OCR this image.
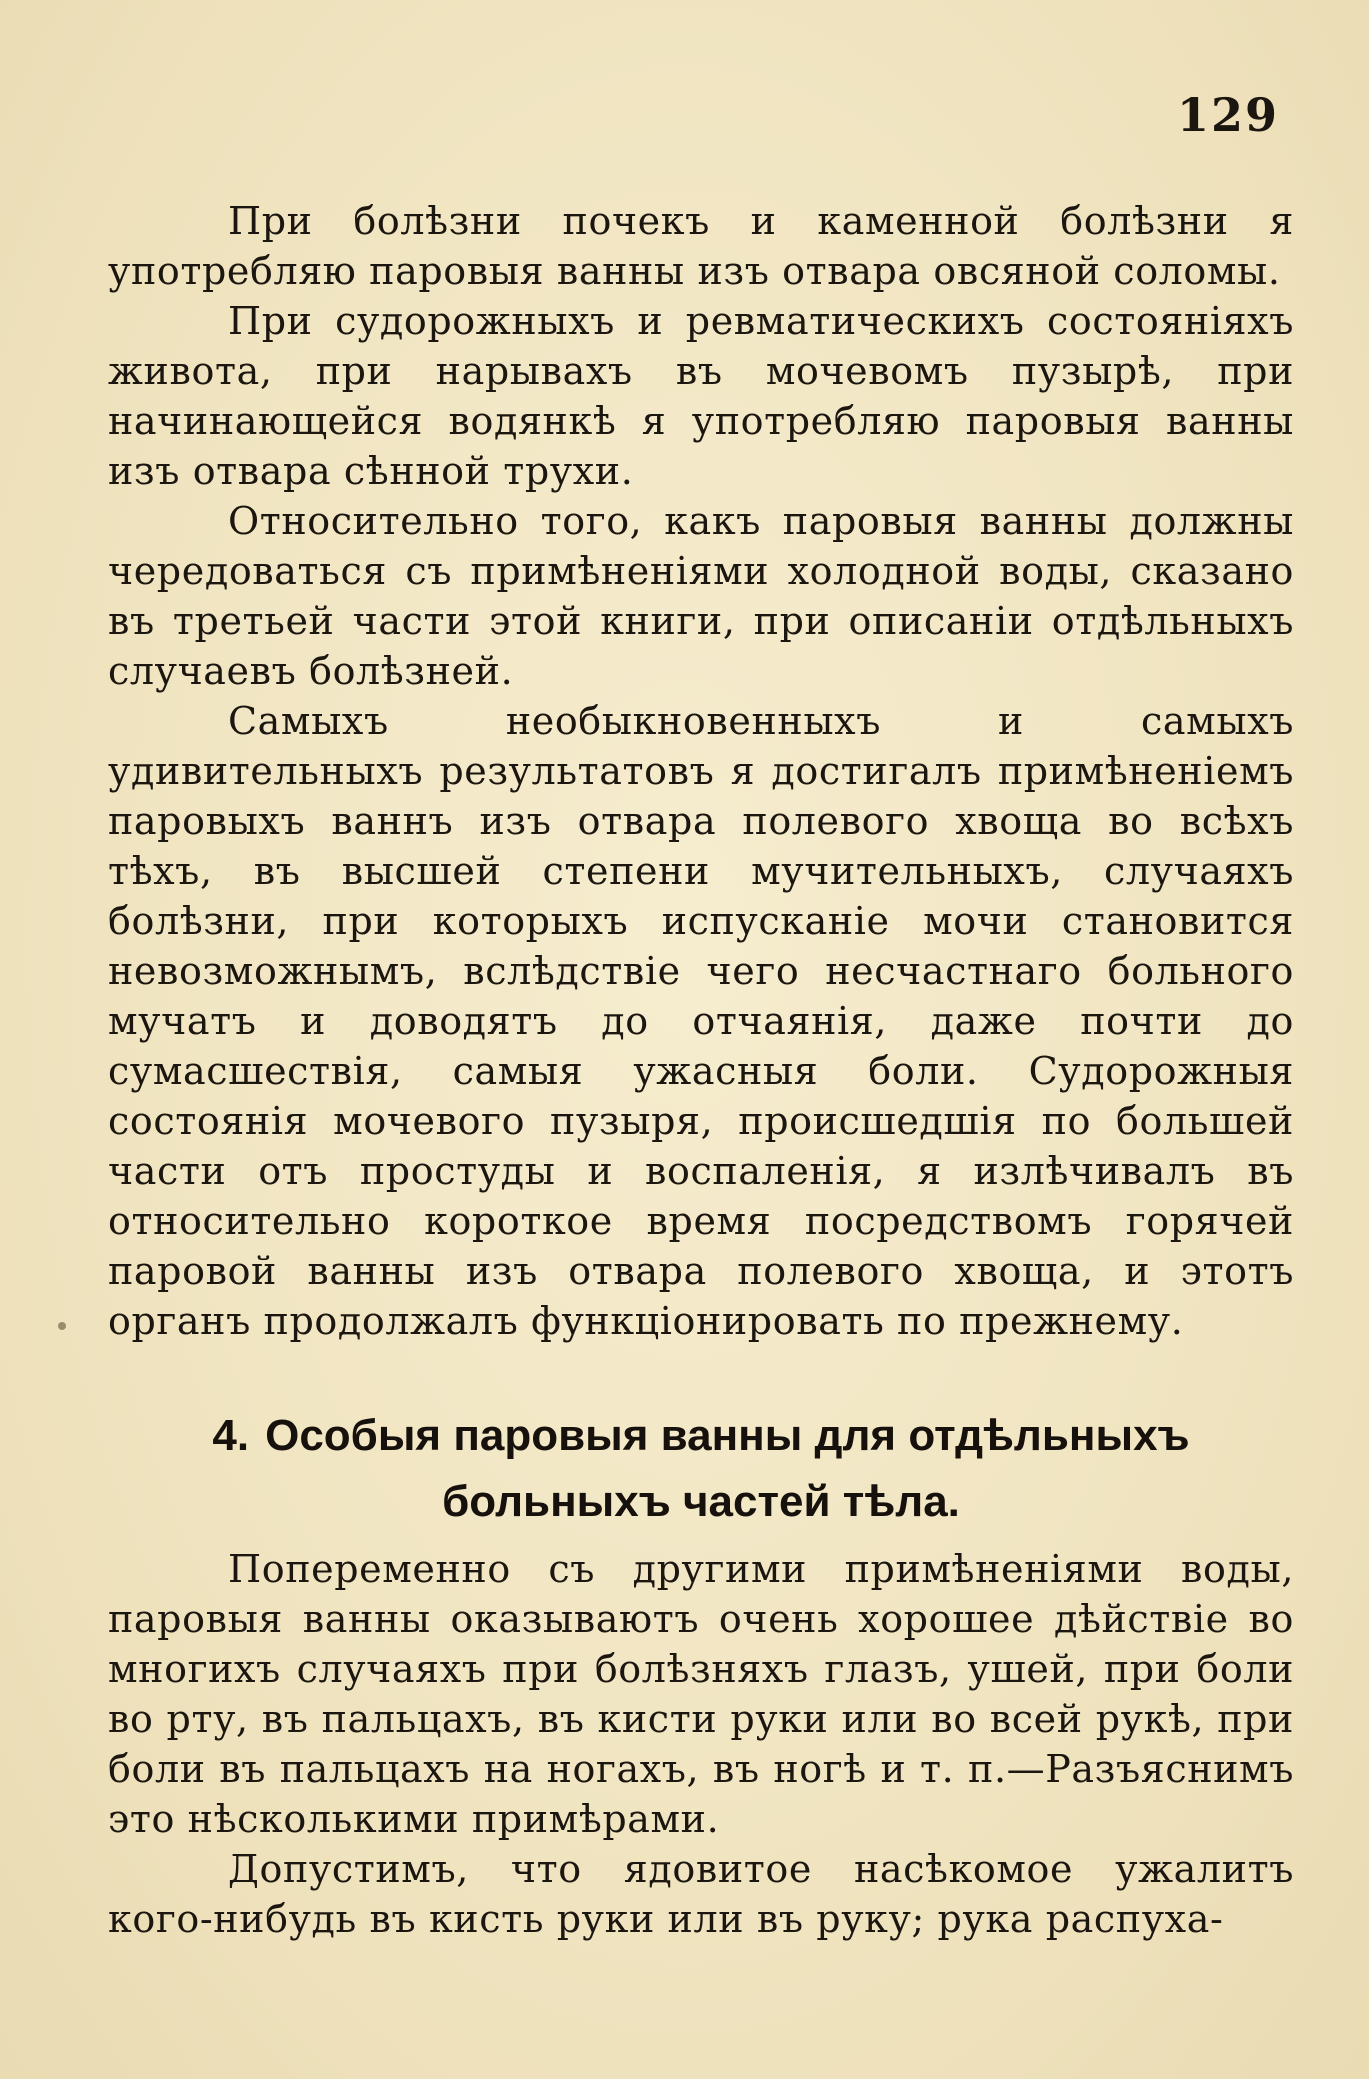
129

При болѣзни почекъ и каменной болѣзни я употребляю паровыя ванны изъ отвара овсяной соломы.

При судорожныхъ и ревматическихъ состояніяхъ живота, при нарывахъ въ мочевомъ пузырѣ, при начинающейся водянкѣ я употребляю паровыя ванны изъ отвара сѣнной трухи.

Относительно того, какъ паровыя ванны должны чередоваться съ примѣненіями холодной воды, сказано въ третьей части этой книги, при описаніи отдѣльныхъ случаевъ болѣзней.

Самыхъ необыкновенныхъ и самыхъ удивительныхъ результатовъ я достигалъ примѣненіемъ паровыхъ ваннъ изъ отвара полевого хвоща во всѣхъ тѣхъ, въ высшей степени мучительныхъ, случаяхъ болѣзни, при которыхъ испусканіе мочи становится невозможнымъ, вслѣдствіе чего несчастнаго больного мучатъ и доводятъ до отчаянія, даже почти до сумасшествія, самыя ужасныя боли. Судорожныя состоянія мочевого пузыря, происшедшія по большей части отъ простуды и воспаленія, я излѣчивалъ въ относительно короткое время посредствомъ горячей паровой ванны изъ отвара полевого хвоща, и этотъ органъ продолжалъ функціонировать по прежнему.

4. Особыя паровыя ванны для отдѣльныхъ больныхъ частей тѣла.

Попеременно съ другими примѣненіями воды, паровыя ванны оказываютъ очень хорошее дѣйствіе во многихъ случаяхъ при болѣзняхъ глазъ, ушей, при боли во рту, въ пальцахъ, въ кисти руки или во всей рукѣ, при боли въ пальцахъ на ногахъ, въ ногѣ и т. п.—Разъяснимъ это нѣсколькими примѣрами.

Допустимъ, что ядовитое насѣкомое ужалитъ кого-нибудь въ кисть руки или въ руку; рука распуха-
